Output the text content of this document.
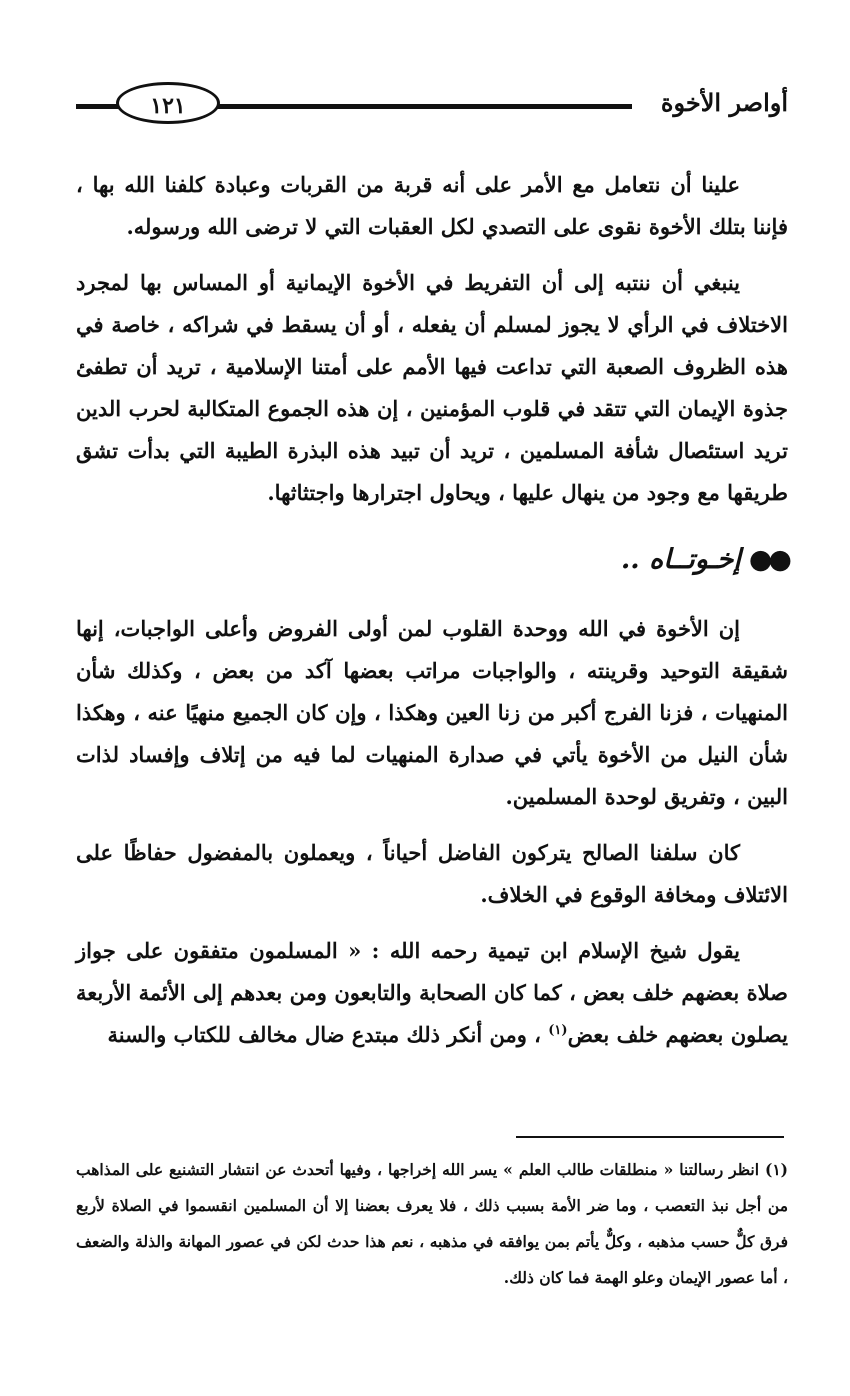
أواصر الأخوة
١٢١

علينا أن نتعامل مع الأمر على أنه قربة من القربات وعبادة كلفنا الله بها ، فإننا بتلك الأخوة نقوى على التصدي لكل العقبات التي لا ترضى الله ورسوله.

ينبغي أن ننتبه إلى أن التفريط في الأخوة الإيمانية أو المساس بها لمجرد الاختلاف في الرأي لا يجوز لمسلم أن يفعله ، أو أن يسقط في شراكه ، خاصة في هذه الظروف الصعبة التي تداعت فيها الأمم على أمتنا الإسلامية ، تريد أن تطفئ جذوة الإيمان التي تتقد في قلوب المؤمنين ، إن هذه الجموع المتكالبة لحرب الدين تريد استئصال شأفة المسلمين ، تريد أن تبيد هذه البذرة الطيبة التي بدأت تشق طريقها مع وجود من ينهال عليها ، ويحاول اجترارها واجتثاثها.

●●إخـوتــاه ..

إن الأخوة في الله ووحدة القلوب لمن أولى الفروض وأعلى الواجبات، إنها شقيقة التوحيد وقرينته ، والواجبات مراتب بعضها آكد من بعض ، وكذلك شأن المنهيات ، فزنا الفرج أكبر من زنا العين وهكذا ، وإن كان الجميع منهيًا عنه ، وهكذا شأن النيل من الأخوة يأتي في صدارة المنهيات لما فيه من إتلاف وإفساد لذات البين ، وتفريق لوحدة المسلمين.

كان سلفنا الصالح يتركون الفاضل أحياناً ، ويعملون بالمفضول حفاظًا على الائتلاف ومخافة الوقوع في الخلاف.

يقول شيخ الإسلام ابن تيمية رحمه الله : « المسلمون متفقون على جواز صلاة بعضهم خلف بعض ، كما كان الصحابة والتابعون ومن بعدهم إلى الأئمة الأربعة يصلون بعضهم خلف بعض$^{(١)}$ ، ومن أنكر ذلك مبتدع ضال مخالف للكتاب والسنة

(١) انظر رسالتنا « منطلقات طالب العلم » يسر الله إخراجها ، وفيها أتحدث عن انتشار التشنيع على المذاهب من أجل نبذ التعصب ، وما ضر الأمة بسبب ذلك ، فلا يعرف بعضنا إلا أن المسلمين انقسموا في الصلاة لأربع فرق كلٌّ حسب مذهبه ، وكلٌّ يأتم بمن يوافقه في مذهبه ، نعم هذا حدث لكن في عصور المهانة والذلة والضعف ، أما عصور الإيمان وعلو الهمة فما كان ذلك.
